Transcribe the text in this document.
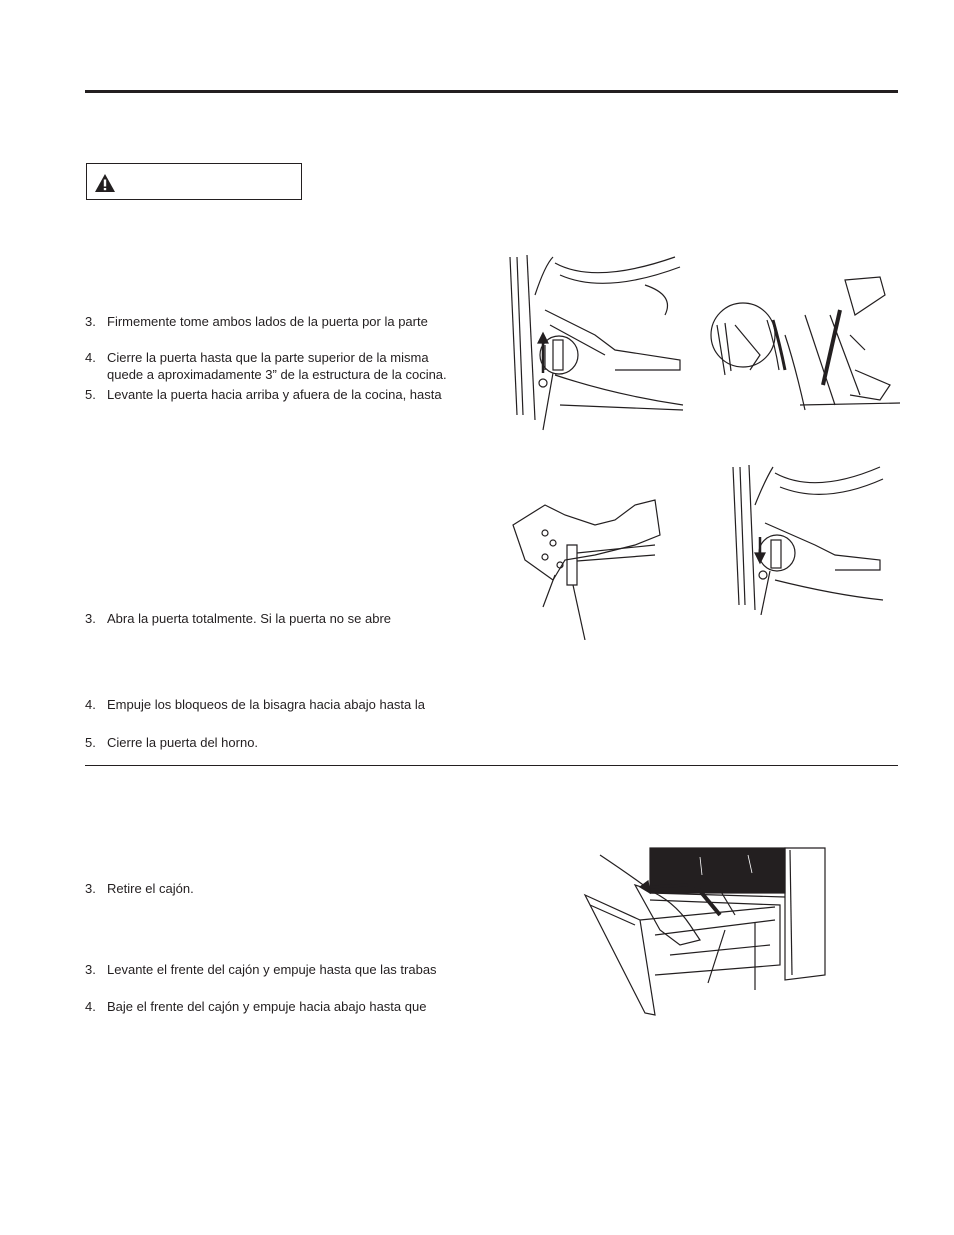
3. Firmemente tome ambos lados de la puerta por la parte
4. Cierre la puerta hasta que la parte superior de la misma
quede a aproximadamente 3” de la estructura de la cocina.
5. Levante la puerta hacia arriba y afuera de la cocina, hasta
3. Abra la puerta totalmente. Si la puerta no se abre
4. Empuje los bloqueos de la bisagra hacia abajo hasta la
5. Cierre la puerta del horno.
3. Retire el cajón.
3. Levante el frente del cajón y empuje hasta que las trabas
4. Baje el frente del cajón y empuje hacia abajo hasta que
